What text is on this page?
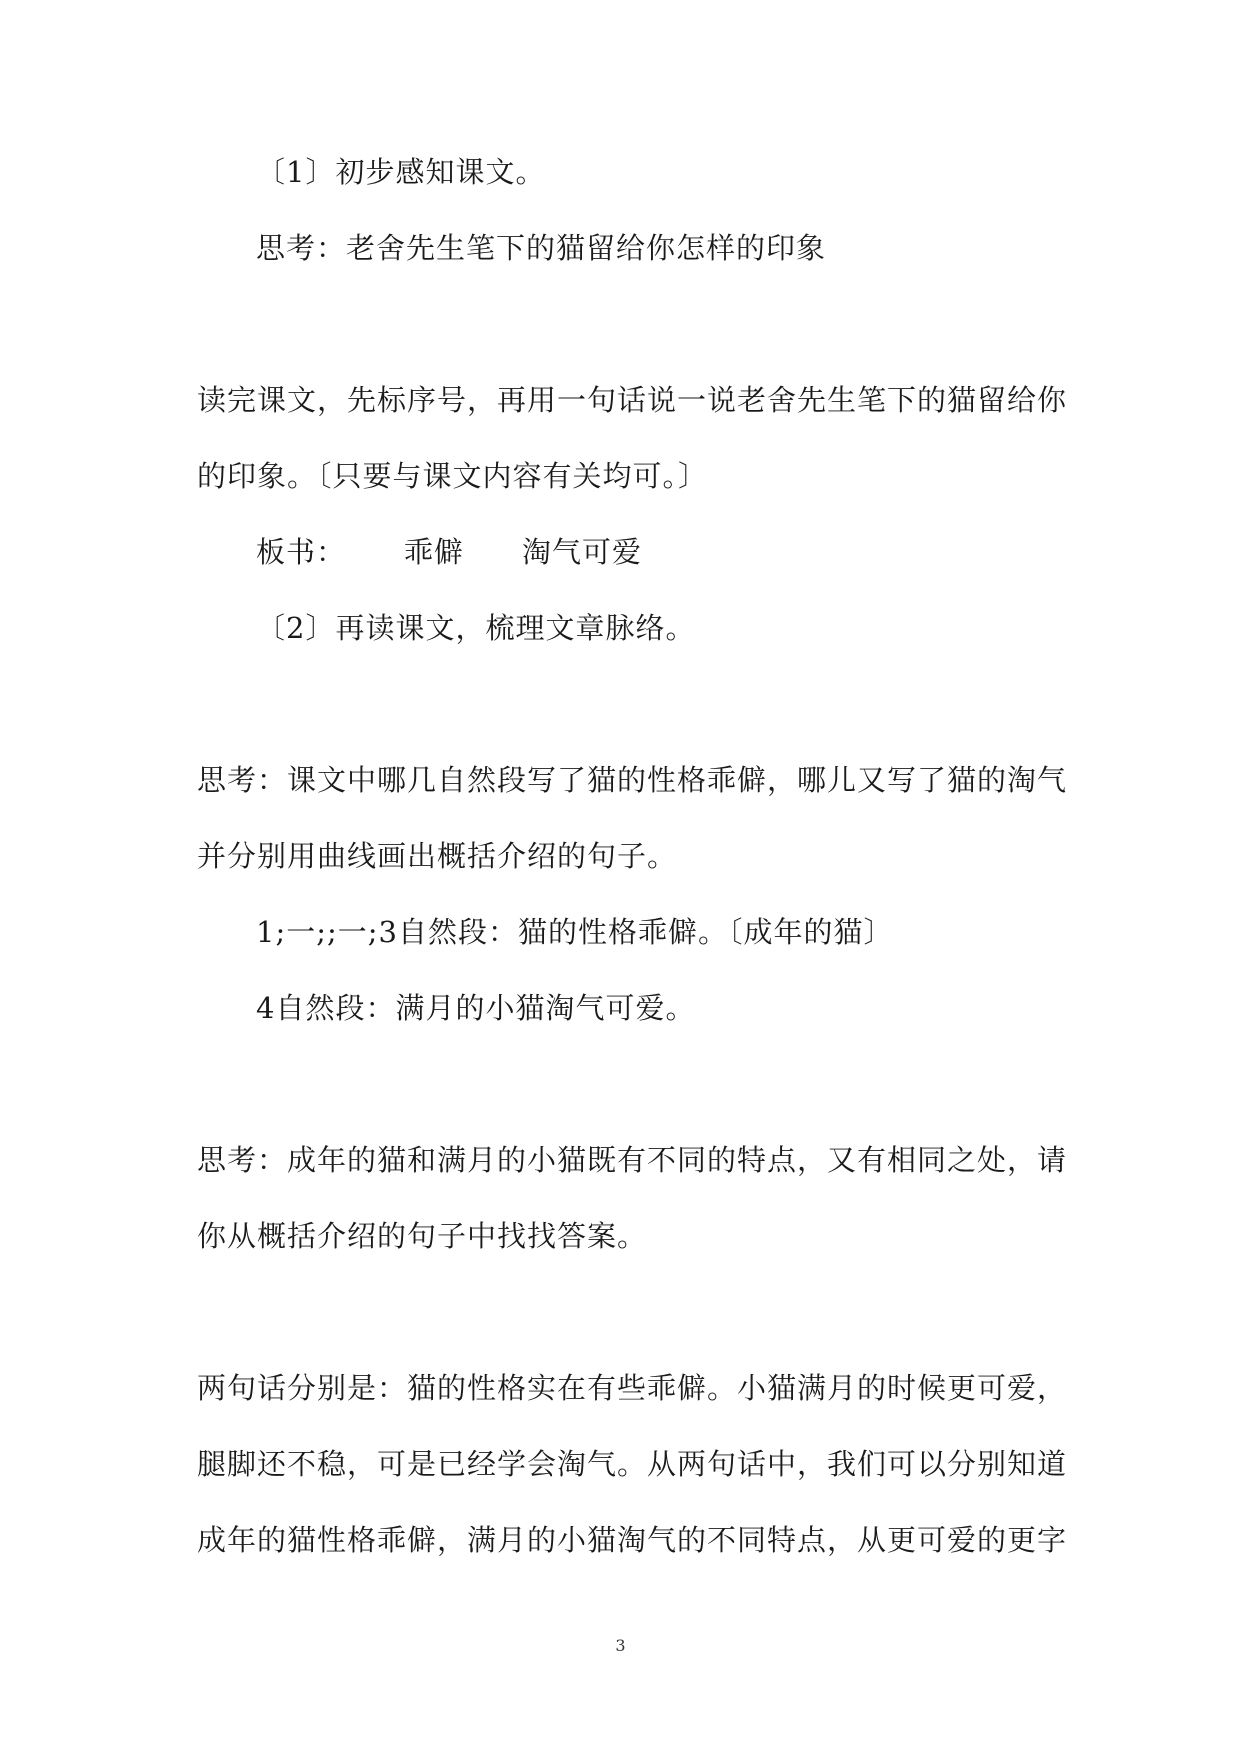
〔1〕初步感知课文。
思考：老舍先生笔下的猫留给你怎样的印象
读完课文，先标序号，再用一句话说一说老舍先生笔下的猫留给你
的印象。〔只要与课文内容有关均可。〕
板书： 乖僻 淘气可爱
〔2〕再读课文，梳理文章脉络。
思考：课文中哪几自然段写了猫的性格乖僻，哪儿又写了猫的淘气
并分别用曲线画出概括介绍的句子。
1;一;;一;3自然段：猫的性格乖僻。〔成年的猫〕
4自然段：满月的小猫淘气可爱。
思考：成年的猫和满月的小猫既有不同的特点，又有相同之处，请
你从概括介绍的句子中找找答案。
两句话分别是：猫的性格实在有些乖僻。小猫满月的时候更可爱，
腿脚还不稳，可是已经学会淘气。从两句话中，我们可以分别知道
成年的猫性格乖僻，满月的小猫淘气的不同特点，从更可爱的更字
3
